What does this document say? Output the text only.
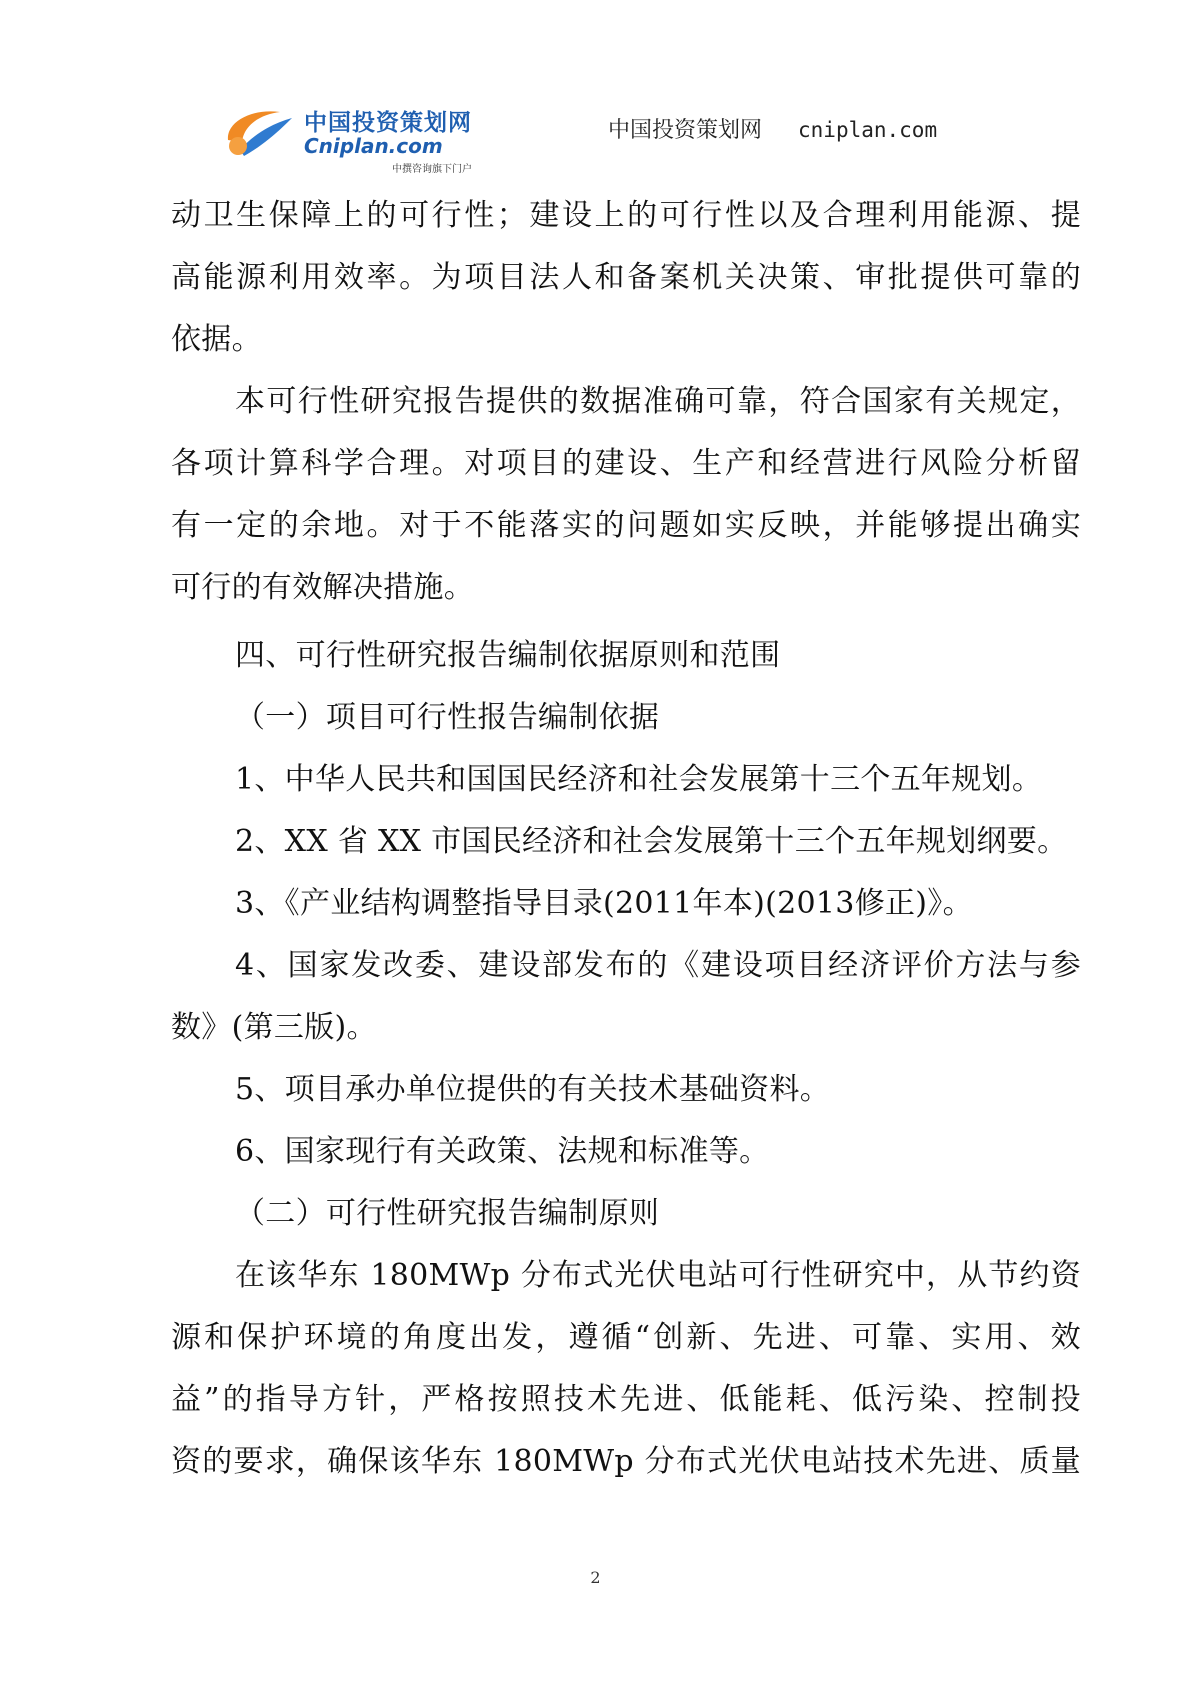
中国投资策划网
Cniplan.com
中撰咨询旗下门户
中国投资策划网 cniplan.com
动卫生保障上的可行性；建设上的可行性以及合理利用能源、提
高能源利用效率。为项目法人和备案机关决策、审批提供可靠的
依据。
本可行性研究报告提供的数据准确可靠，符合国家有关规定，
各项计算科学合理。对项目的建设、生产和经营进行风险分析留
有一定的余地。对于不能落实的问题如实反映，并能够提出确实
可行的有效解决措施。
四、可行性研究报告编制依据原则和范围
（一）项目可行性报告编制依据
1、中华人民共和国国民经济和社会发展第十三个五年规划。
2、XX 省 XX 市国民经济和社会发展第十三个五年规划纲要。
3、《产业结构调整指导目录(2011年本)(2013修正)》。
4、国家发改委、建设部发布的《建设项目经济评价方法与参
数》(第三版)。
5、项目承办单位提供的有关技术基础资料。
6、国家现行有关政策、法规和标准等。
（二）可行性研究报告编制原则
在该华东 180MWp 分布式光伏电站可行性研究中，从节约资
源和保护环境的角度出发，遵循“创新、先进、可靠、实用、效
益”的指导方针，严格按照技术先进、低能耗、低污染、控制投
资的要求，确保该华东 180MWp 分布式光伏电站技术先进、质量
2
